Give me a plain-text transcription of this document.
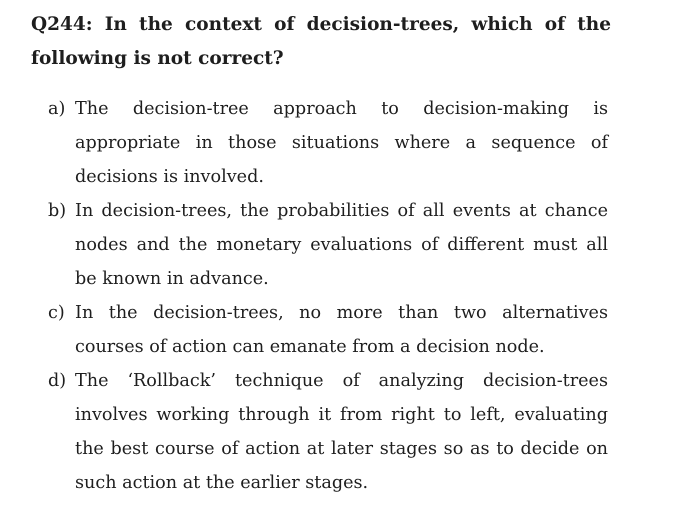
Q244: In the context of decision-trees, which of the following is not correct?
a) The decision-tree approach to decision-making is appropriate in those situations where a sequence of decisions is involved.
b) In decision-trees, the probabilities of all events at chance nodes and the monetary evaluations of different must all be known in advance.
c) In the decision-trees, no more than two alternatives courses of action can emanate from a decision node.
d) The ‘Rollback’ technique of analyzing decision-trees involves working through it from right to left, evaluating the best course of action at later stages so as to decide on such action at the earlier stages.
